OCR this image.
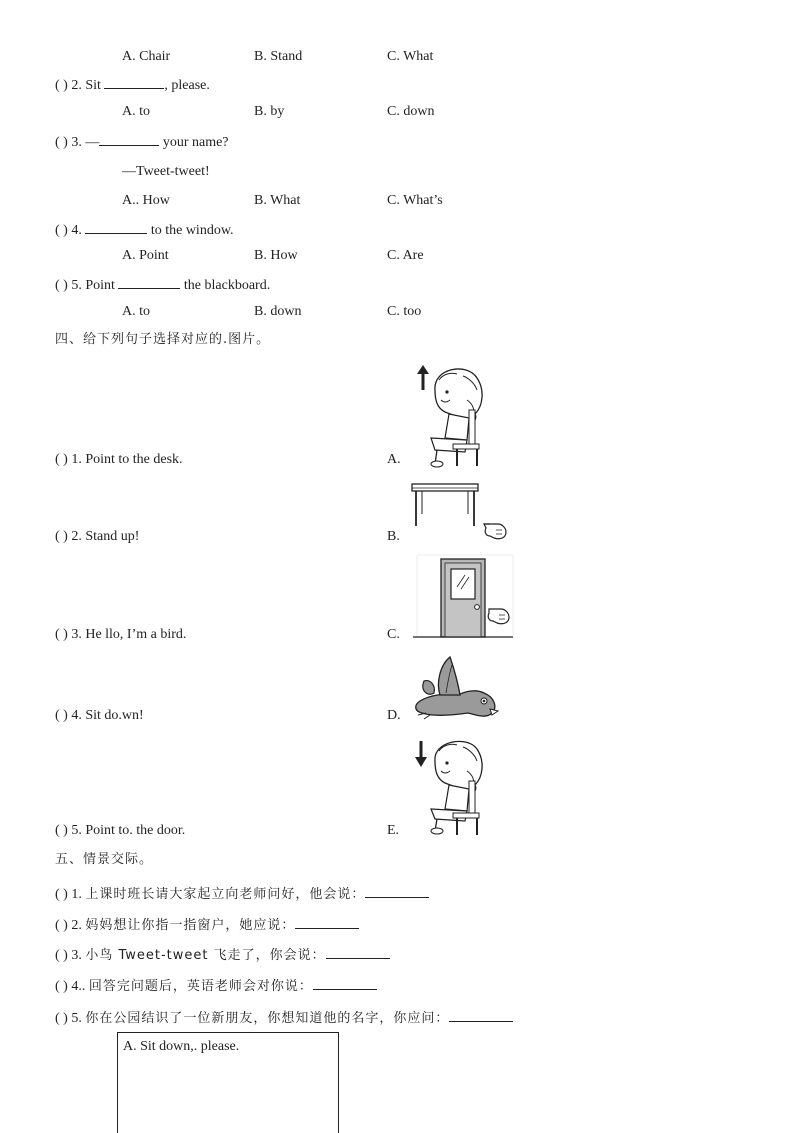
A. Chair	B. Stand	C. What
( ) 2. Sit	, please.
A. to	B. by	C. down
( ) 3. —	your name?
—Tweet-tweet!
A.. How	B. What	C. What’s
( ) 4.	to the window.
A. Point	B. How	C. Are
( ) 5. Point	the blackboard.
A. to	B. down	C. too
四、给下列句子选择对应的.图片。
( ) 1. Point to the desk.	A.
( ) 2. Stand up!	B.
( ) 3. He llo, I’m a bird.	C.
( ) 4. Sit do.wn!	D.
( ) 5. Point to. the door.	E.
五、情景交际。
( ) 1. 上课时班长请大家起立向老师问好，他会说：
( ) 2. 妈妈想让你指一指窗户，她应说：
( ) 3. 小鸟 Tweet-tweet 飞走了，你会说：
( ) 4.. 回答完问题后，英语老师会对你说：
( ) 5. 你在公园结识了一位新朋友，你想知道他的名字，你应问：
A. Sit down,. please.
